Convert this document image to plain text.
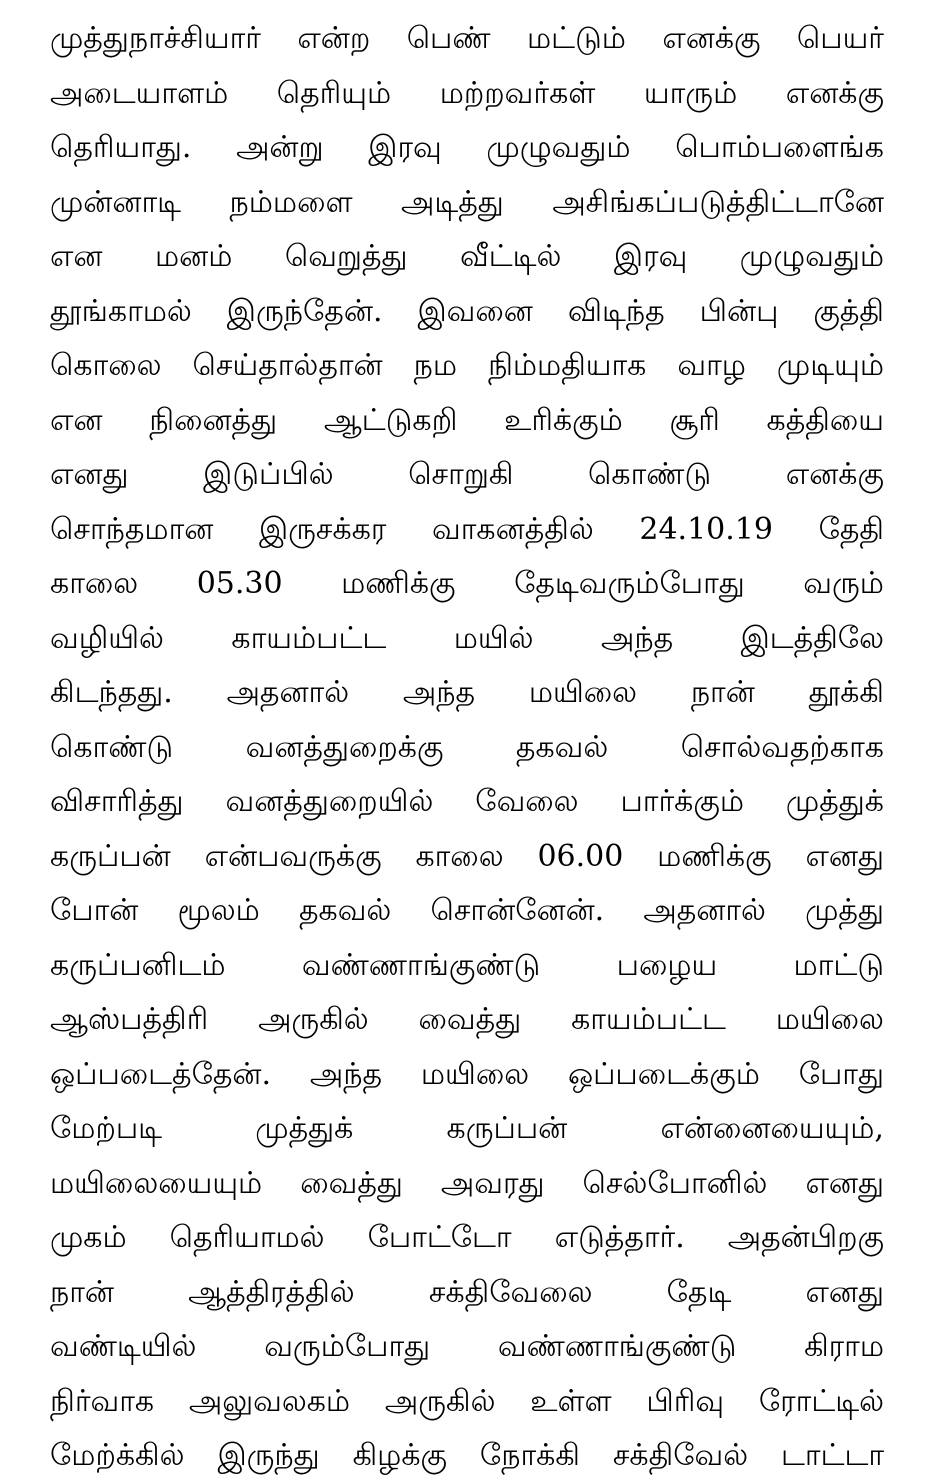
முத்துநாச்சியார் என்ற பெண் மட்டும் எனக்கு பெயர்
அடையாளம் தெரியும் மற்றவர்கள் யாரும் எனக்கு
தெரியாது. அன்று இரவு முழுவதும் பொம்பளைங்க
முன்னாடி நம்மளை அடித்து அசிங்கப்படுத்திட்டானே
என மனம் வெறுத்து வீட்டில் இரவு முழுவதும்
தூங்காமல் இருந்தேன். இவனை விடிந்த பின்பு குத்தி
கொலை செய்தால்தான் நம நிம்மதியாக வாழ முடியும்
என நினைத்து ஆட்டுகறி உரிக்கும் சூரி கத்தியை
எனது இடுப்பில் சொறுகி கொண்டு எனக்கு
சொந்தமான இருசக்கர வாகனத்தில் 24.10.19 தேதி
காலை 05.30 மணிக்கு தேடிவரும்போது வரும்
வழியில் காயம்பட்ட மயில் அந்த இடத்திலே
கிடந்தது. அதனால் அந்த மயிலை நான் தூக்கி
கொண்டு வனத்துறைக்கு தகவல் சொல்வதற்காக
விசாரித்து வனத்துறையில் வேலை பார்க்கும் முத்துக்
கருப்பன் என்பவருக்கு காலை 06.00 மணிக்கு எனது
போன் மூலம் தகவல் சொன்னேன். அதனால் முத்து
கருப்பனிடம்	வண்ணாங்குண்டு	பழைய	மாட்டு
ஆஸ்பத்திரி அருகில் வைத்து காயம்பட்ட மயிலை
ஒப்படைத்தேன். அந்த மயிலை ஒப்படைக்கும் போது
மேற்படி	முத்துக்	கருப்பன்	என்னையையும்,
மயிலையையும் வைத்து அவரது செல்போனில் எனது
முகம் தெரியாமல் போட்டோ எடுத்தார். அதன்பிறகு
நான் ஆத்திரத்தில் சக்திவேலை தேடி எனது
வண்டியில் வரும்போது வண்ணாங்குண்டு கிராம
நிர்வாக அலுவலகம் அருகில் உள்ள பிரிவு ரோட்டில்
மேற்க்கில் இருந்து கிழக்கு நோக்கி சக்திவேல் டாட்டா
